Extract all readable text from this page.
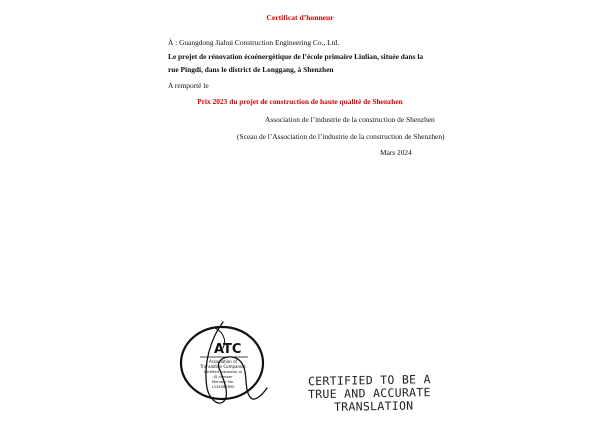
Certificat d’honneur
À : Guangdong Jiahui Construction Engineering Co., Ltd.
Le projet de rénovation écoénergétique de l’école primaire Liulian, située dans la rue Pingdi, dans le district de Longgang, à Shenzhen
A remporté le
Prix 2023 du projet de construction de haute qualité de Shenzhen
Association de l’industrie de la construction de Shenzhen
(Sceau de l’Association de l’industrie de la construction de Shenzhen)
Mars 2024
ATC
Association of
Translation Companies
Certified translator or
ID number
Member No.
1234567890	CERTIFIED TO BE A
TRUE AND ACCURATE
TRANSLATION
